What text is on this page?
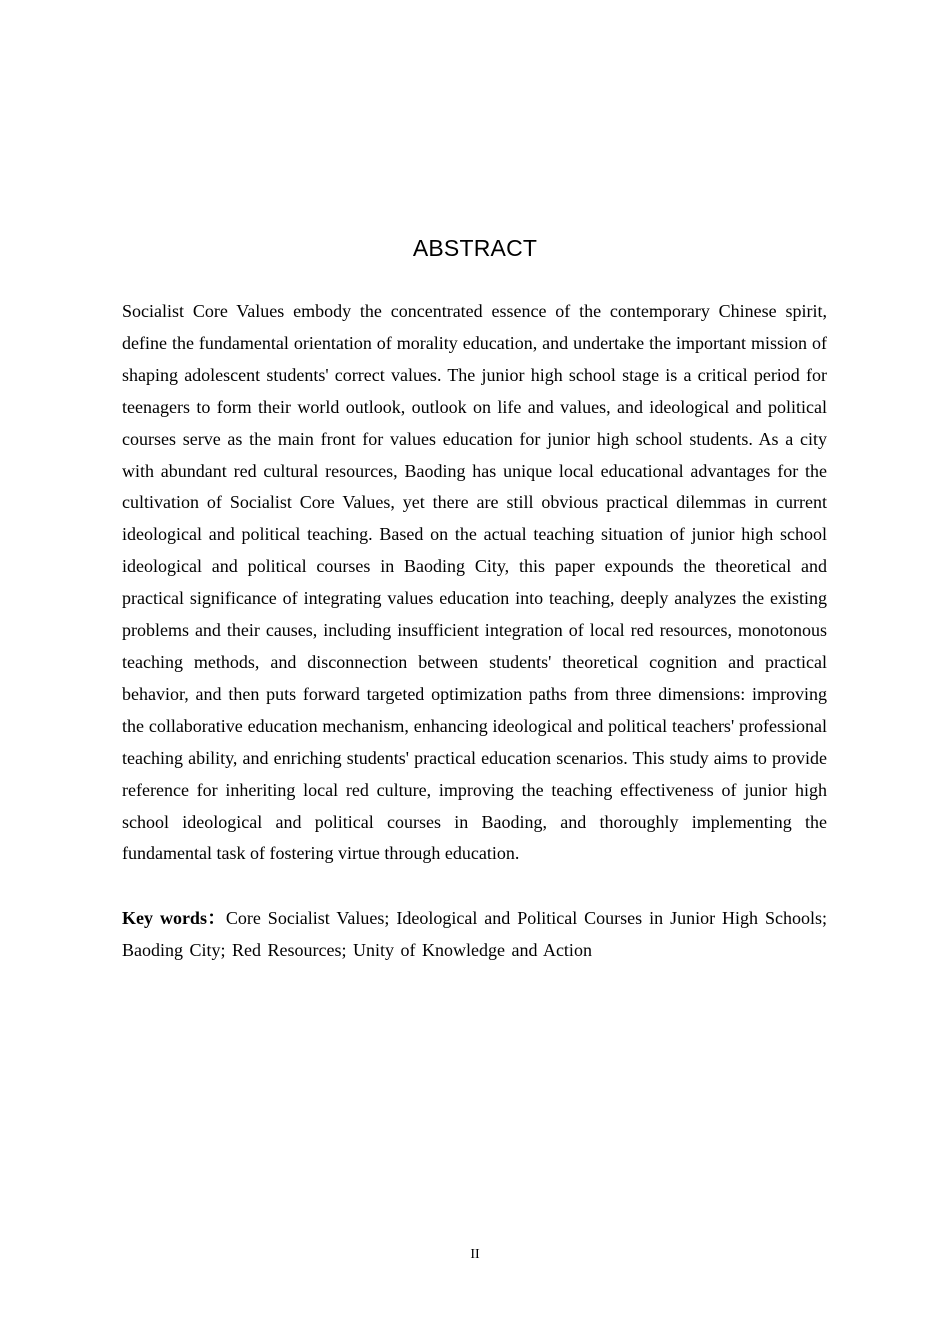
ABSTRACT

Socialist Core Values embody the concentrated essence of the contemporary Chinese spirit, define the fundamental orientation of morality education, and undertake the important mission of shaping adolescent students' correct values. The junior high school stage is a critical period for teenagers to form their world outlook, outlook on life and values, and ideological and political courses serve as the main front for values education for junior high school students. As a city with abundant red cultural resources, Baoding has unique local educational advantages for the cultivation of Socialist Core Values, yet there are still obvious practical dilemmas in current ideological and political teaching. Based on the actual teaching situation of junior high school ideological and political courses in Baoding City, this paper expounds the theoretical and practical significance of integrating values education into teaching, deeply analyzes the existing problems and their causes, including insufficient integration of local red resources, monotonous teaching methods, and disconnection between students' theoretical cognition and practical behavior, and then puts forward targeted optimization paths from three dimensions: improving the collaborative education mechanism, enhancing ideological and political teachers' professional teaching ability, and enriching students' practical education scenarios. This study aims to provide reference for inheriting local red culture, improving the teaching effectiveness of junior high school ideological and political courses in Baoding, and thoroughly implementing the fundamental task of fostering virtue through education.

Key words：Core Socialist Values; Ideological and Political Courses in Junior High Schools; Baoding City; Red Resources; Unity of Knowledge and Action

II
